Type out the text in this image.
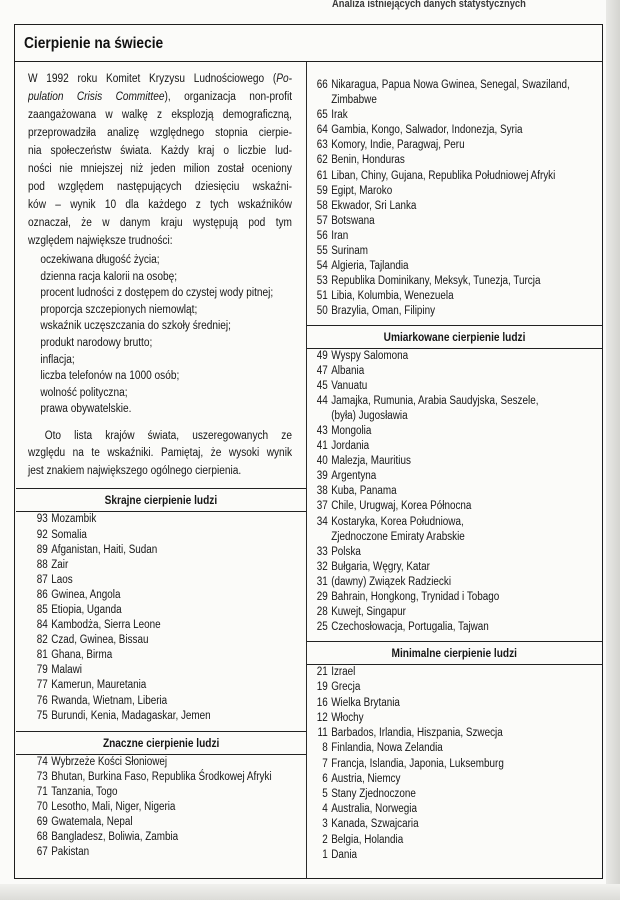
Analiza istniejących danych statystycznych
Cierpienie na świecie
W 1992 roku Komitet Kryzysu Ludnościowego (Po-
pulation Crisis Committee), organizacja non-profit
zaangażowana w walkę z eksplozją demograficzną,
przeprowadziła analizę względnego stopnia cierpie-
nia społeczeństw świata. Każdy kraj o liczbie lud-
ności nie mniejszej niż jeden milion został oceniony
pod względem następujących dziesięciu wskaźni-
ków – wynik 10 dla każdego z tych wskaźników
oznaczał, że w danym kraju występują pod tym
względem największe trudności:
oczekiwana długość życia;
dzienna racja kalorii na osobę;
procent ludności z dostępem do czystej wody pitnej;
proporcja szczepionych niemowląt;
wskaźnik uczęszczania do szkoły średniej;
produkt narodowy brutto;
inflacja;
liczba telefonów na 1000 osób;
wolność polityczna;
prawa obywatelskie.
Oto lista krajów świata, uszeregowanych ze
względu na te wskaźniki. Pamiętaj, że wysoki wynik
jest znakiem największego ogólnego cierpienia.
Skrajne cierpienie ludzi
93 Mozambik
92 Somalia
89 Afganistan, Haiti, Sudan
88 Zair
87 Laos
86 Gwinea, Angola
85 Etiopia, Uganda
84 Kambodża, Sierra Leone
82 Czad, Gwinea, Bissau
81 Ghana, Birma
79 Malawi
77 Kamerun, Mauretania
76 Rwanda, Wietnam, Liberia
75 Burundi, Kenia, Madagaskar, Jemen
Znaczne cierpienie ludzi
74 Wybrzeże Kości Słoniowej
73 Bhutan, Burkina Faso, Republika Środkowej Afryki
71 Tanzania, Togo
70 Lesotho, Mali, Niger, Nigeria
69 Gwatemala, Nepal
68 Bangladesz, Boliwia, Zambia
67 Pakistan
66 Nikaragua, Papua Nowa Gwinea, Senegal, Swaziland,
Zimbabwe
65 Irak
64 Gambia, Kongo, Salwador, Indonezja, Syria
63 Komory, Indie, Paragwaj, Peru
62 Benin, Honduras
61 Liban, Chiny, Gujana, Republika Południowej Afryki
59 Egipt, Maroko
58 Ekwador, Sri Lanka
57 Botswana
56 Iran
55 Surinam
54 Algieria, Tajlandia
53 Republika Dominikany, Meksyk, Tunezja, Turcja
51 Libia, Kolumbia, Wenezuela
50 Brazylia, Oman, Filipiny
Umiarkowane cierpienie ludzi
49 Wyspy Salomona
47 Albania
45 Vanuatu
44 Jamajka, Rumunia, Arabia Saudyjska, Seszele,
(była) Jugosławia
43 Mongolia
41 Jordania
40 Malezja, Mauritius
39 Argentyna
38 Kuba, Panama
37 Chile, Urugwaj, Korea Północna
34 Kostaryka, Korea Południowa,
Zjednoczone Emiraty Arabskie
33 Polska
32 Bułgaria, Węgry, Katar
31 (dawny) Związek Radziecki
29 Bahrain, Hongkong, Trynidad i Tobago
28 Kuwejt, Singapur
25 Czechosłowacja, Portugalia, Tajwan
Minimalne cierpienie ludzi
21 Izrael
19 Grecja
16 Wielka Brytania
12 Włochy
11 Barbados, Irlandia, Hiszpania, Szwecja
8 Finlandia, Nowa Zelandia
7 Francja, Islandia, Japonia, Luksemburg
6 Austria, Niemcy
5 Stany Zjednoczone
4 Australia, Norwegia
3 Kanada, Szwajcaria
2 Belgia, Holandia
1 Dania
